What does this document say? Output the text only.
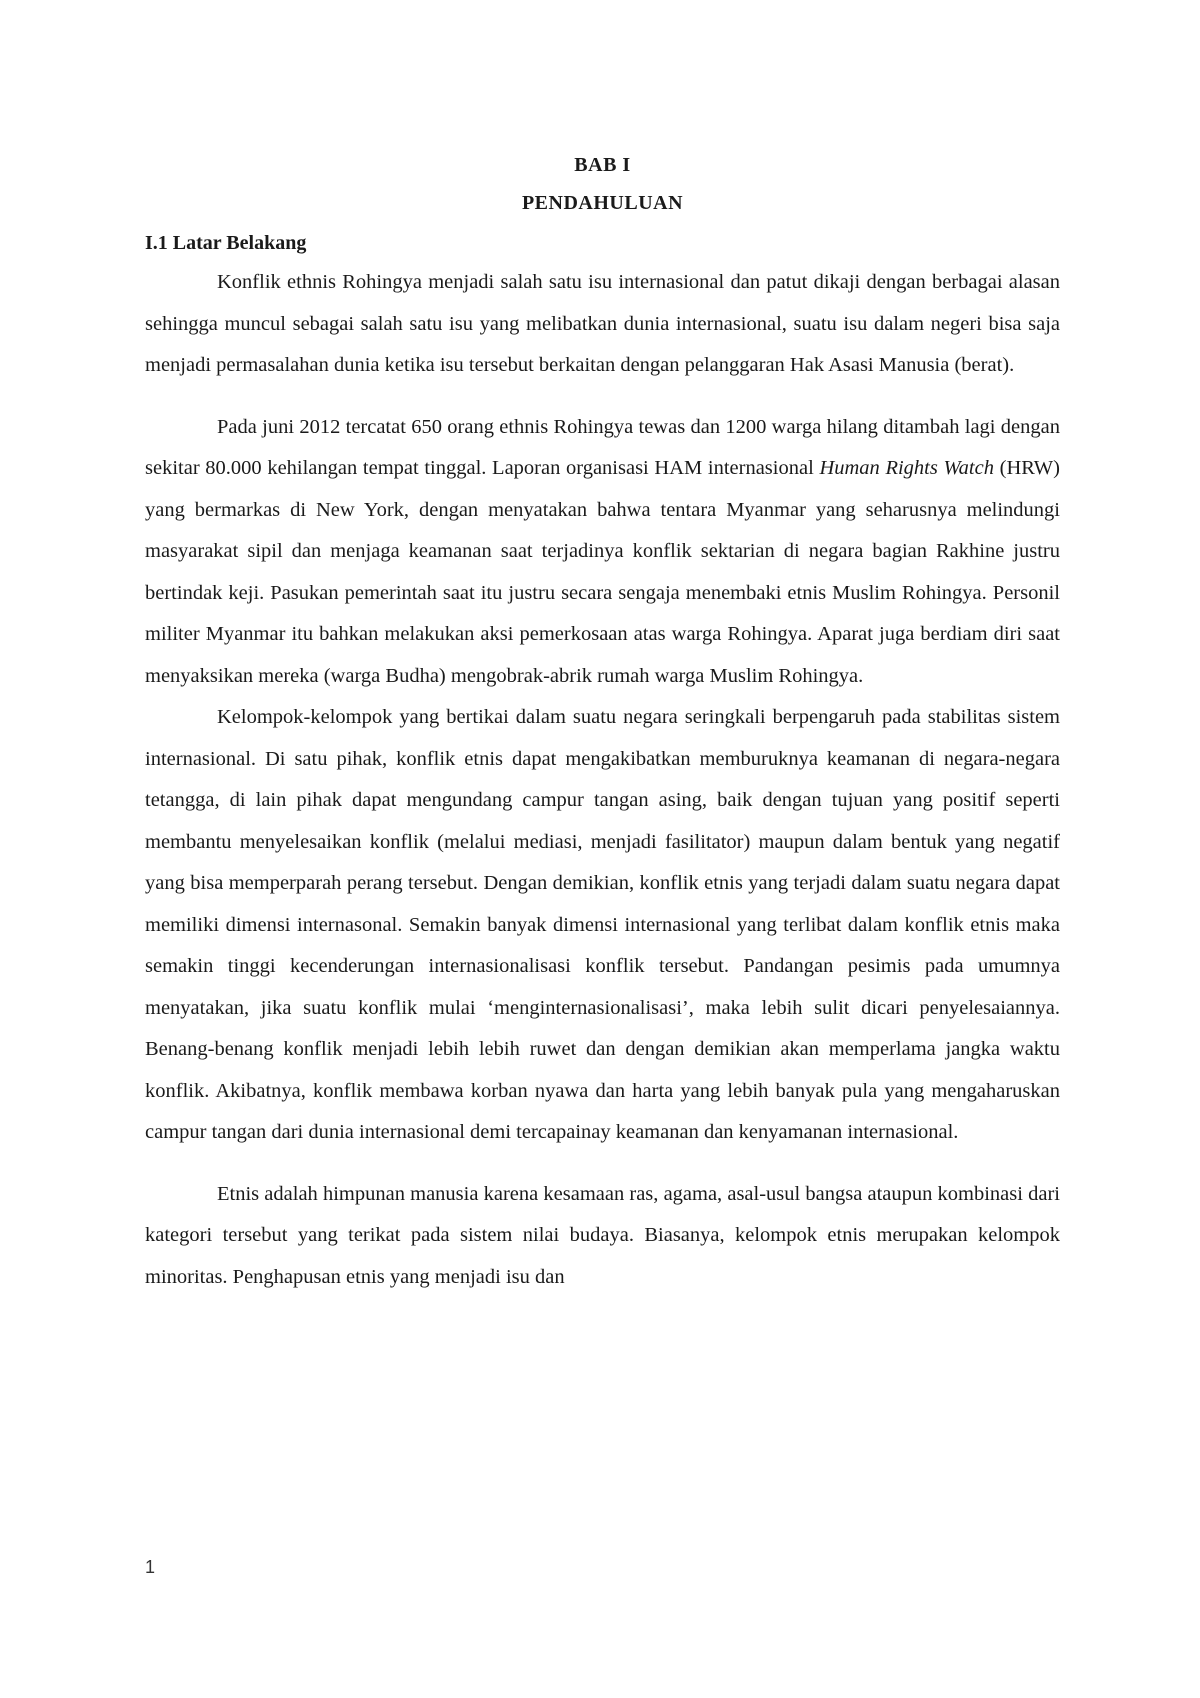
BAB I

PENDAHULUAN

I.1 Latar Belakang

Konflik ethnis Rohingya menjadi salah satu isu internasional dan patut dikaji dengan berbagai alasan sehingga muncul sebagai salah satu isu yang melibatkan dunia internasional, suatu isu dalam negeri bisa saja menjadi permasalahan dunia ketika isu tersebut berkaitan dengan pelanggaran Hak Asasi Manusia (berat).

Pada juni 2012 tercatat 650 orang ethnis Rohingya tewas dan 1200 warga hilang ditambah lagi dengan sekitar 80.000 kehilangan tempat tinggal. Laporan organisasi HAM internasional Human Rights Watch (HRW) yang bermarkas di New York, dengan menyatakan bahwa tentara Myanmar yang seharusnya melindungi masyarakat sipil dan menjaga keamanan saat terjadinya konflik sektarian di negara bagian Rakhine justru bertindak keji. Pasukan pemerintah saat itu justru secara sengaja menembaki etnis Muslim Rohingya. Personil militer Myanmar itu bahkan melakukan aksi pemerkosaan atas warga Rohingya. Aparat juga berdiam diri saat menyaksikan mereka (warga Budha) mengobrak-abrik rumah warga Muslim Rohingya.

Kelompok-kelompok yang bertikai dalam suatu negara seringkali berpengaruh pada stabilitas sistem internasional. Di satu pihak, konflik etnis dapat mengakibatkan memburuknya keamanan di negara-negara tetangga, di lain pihak dapat mengundang campur tangan asing, baik dengan tujuan yang positif seperti membantu menyelesaikan konflik (melalui mediasi, menjadi fasilitator) maupun dalam bentuk yang negatif yang bisa memperparah perang tersebut. Dengan demikian, konflik etnis yang terjadi dalam suatu negara dapat memiliki dimensi internasonal. Semakin banyak dimensi internasional yang terlibat dalam konflik etnis maka semakin tinggi kecenderungan internasionalisasi konflik tersebut. Pandangan pesimis pada umumnya menyatakan, jika suatu konflik mulai ‘menginternasionalisasi’, maka lebih sulit dicari penyelesaiannya. Benang-benang konflik menjadi lebih lebih ruwet dan dengan demikian akan memperlama jangka waktu konflik. Akibatnya, konflik membawa korban nyawa dan harta yang lebih banyak pula yang mengaharuskan campur tangan dari dunia internasional demi tercapainay keamanan dan kenyamanan internasional.

Etnis adalah himpunan manusia karena kesamaan ras, agama, asal-usul bangsa ataupun kombinasi dari kategori tersebut yang terikat pada sistem nilai budaya. Biasanya, kelompok etnis merupakan kelompok minoritas. Penghapusan etnis yang menjadi isu dan

1
